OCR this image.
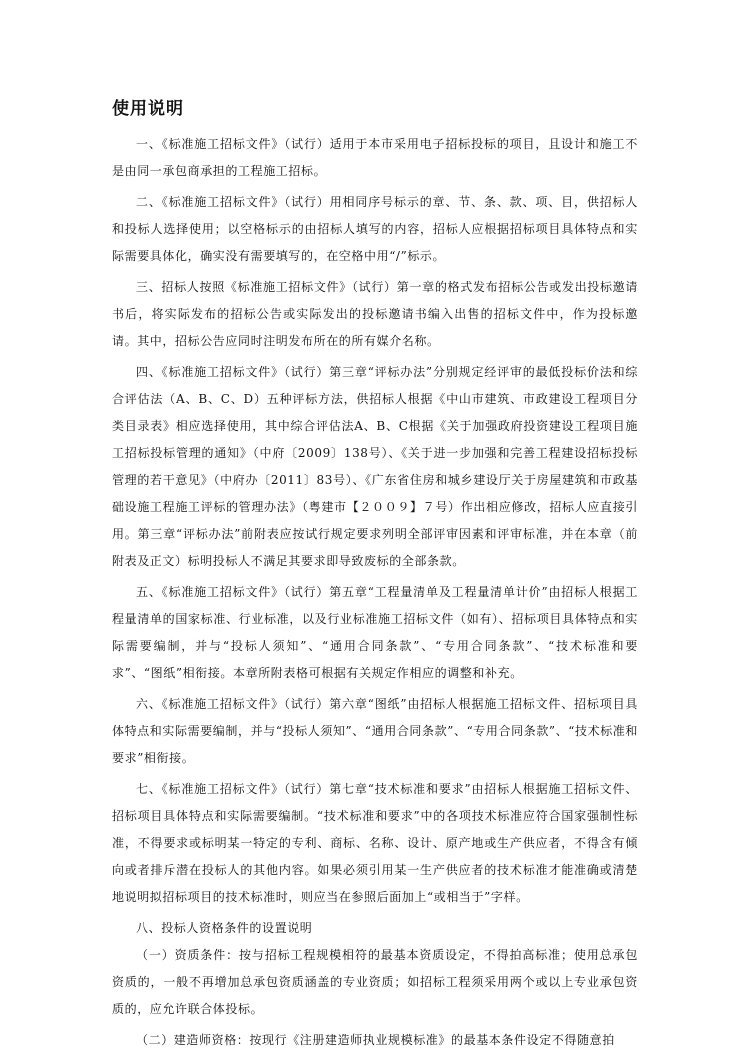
使用说明

一、《标准施工招标文件》（试行）适用于本市采用电子招标投标的项目，且设计和施工不是由同一承包商承担的工程施工招标。

二、《标准施工招标文件》（试行）用相同序号标示的章、节、条、款、项、目，供招标人和投标人选择使用；以空格标示的由招标人填写的内容，招标人应根据招标项目具体特点和实际需要具体化，确实没有需要填写的，在空格中用“/”标示。

三、招标人按照《标准施工招标文件》（试行）第一章的格式发布招标公告或发出投标邀请书后，将实际发布的招标公告或实际发出的投标邀请书编入出售的招标文件中，作为投标邀请。其中，招标公告应同时注明发布所在的所有媒介名称。

四、《标准施工招标文件》（试行）第三章“评标办法”分别规定经评审的最低投标价法和综合评估法（A、B、C、D）五种评标方法，供招标人根据《中山市建筑、市政建设工程项目分类目录表》相应选择使用，其中综合评估法A、B、C根据《关于加强政府投资建设工程项目施工招标投标管理的通知》（中府〔2009〕138号）、《关于进一步加强和完善工程建设招标投标管理的若干意见》（中府办〔2011〕83号）、《广东省住房和城乡建设厅关于房屋建筑和市政基础设施工程施工评标的管理办法》（粤建市【２００９】７号）作出相应修改，招标人应直接引用。第三章“评标办法”前附表应按试行规定要求列明全部评审因素和评审标准，并在本章（前附表及正文）标明投标人不满足其要求即导致废标的全部条款。

五、《标准施工招标文件》（试行）第五章“工程量清单及工程量清单计价”由招标人根据工程量清单的国家标准、行业标准，以及行业标准施工招标文件（如有）、招标项目具体特点和实际需要编制，并与“投标人须知”、“通用合同条款”、“专用合同条款”、“技术标准和要求”、“图纸”相衔接。本章所附表格可根据有关规定作相应的调整和补充。

六、《标准施工招标文件》（试行）第六章“图纸”由招标人根据施工招标文件、招标项目具体特点和实际需要编制，并与“投标人须知”、“通用合同条款”、“专用合同条款”、“技术标准和要求”相衔接。

七、《标准施工招标文件》（试行）第七章“技术标准和要求”由招标人根据施工招标文件、招标项目具体特点和实际需要编制。“技术标准和要求”中的各项技术标准应符合国家强制性标准，不得要求或标明某一特定的专利、商标、名称、设计、原产地或生产供应者，不得含有倾向或者排斥潜在投标人的其他内容。如果必须引用某一生产供应者的技术标准才能准确或清楚地说明拟招标项目的技术标准时，则应当在参照后面加上“或相当于”字样。

八、投标人资格条件的设置说明

（一）资质条件：按与招标工程规模相符的最基本资质设定，不得拍高标准；使用总承包资质的，一般不再增加总承包资质涵盖的专业资质；如招标工程须采用两个或以上专业承包资质的，应允许联合体投标。

（二）建造师资格：按现行《注册建造师执业规模标准》的最基本条件设定不得随意拍
